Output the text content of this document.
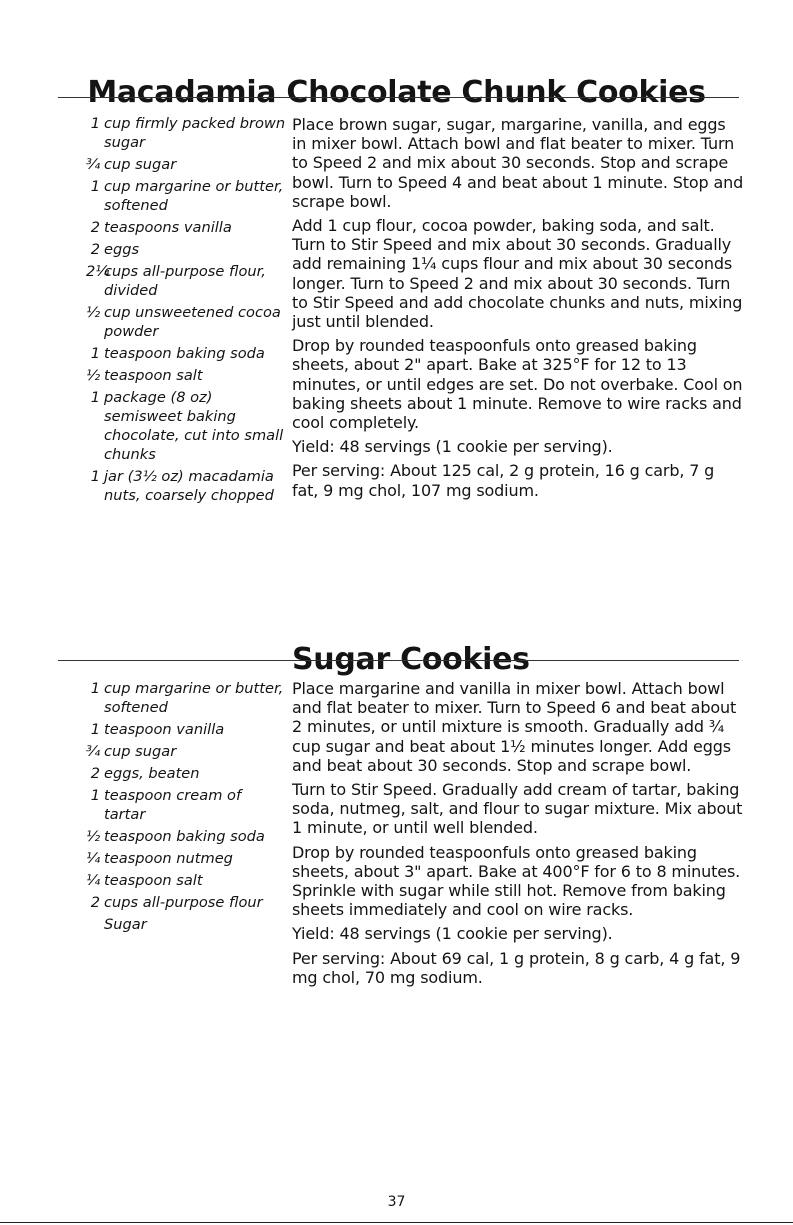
Macadamia Chocolate Chunk Cookies
1 cup firmly packed brown sugar
¾ cup sugar
1 cup margarine or butter, softened
2 teaspoons vanilla
2 eggs
2¼
cups all-purpose flour, divided
½ cup unsweetened cocoa powder
1 teaspoon baking soda
½ teaspoon salt
1 package (8 oz) semisweet baking chocolate, cut into small chunks
1 jar (3½ oz) macadamia nuts, coarsely chopped

Place brown sugar, sugar, margarine, vanilla, and eggs in mixer bowl. Attach bowl and flat beater to mixer. Turn to Speed 2 and mix about 30 seconds. Stop and scrape bowl. Turn to Speed 4 and beat about 1 minute. Stop and scrape bowl.

Add 1 cup flour, cocoa powder, baking soda, and salt. Turn to Stir Speed and mix about 30 seconds. Gradually add remaining 1¼ cups flour and mix about 30 seconds longer. Turn to Speed 2 and mix about 30 seconds. Turn to Stir Speed and add chocolate chunks and nuts, mixing just until blended.

Drop by rounded teaspoonfuls onto greased baking sheets, about 2" apart. Bake at 325°F for 12 to 13 minutes, or until edges are set. Do not overbake. Cool on baking sheets about 1 minute. Remove to wire racks and cool completely.

Yield: 48 servings (1 cookie per serving).

Per serving: About 125 cal, 2 g protein, 16 g carb, 7 g fat, 9 mg chol, 107 mg sodium.

Sugar Cookies
1 cup margarine or butter, softened
1 teaspoon vanilla
¾ cup sugar
2 eggs, beaten
1 teaspoon cream of tartar
½ teaspoon baking soda
¼ teaspoon nutmeg
¼ teaspoon salt
2 cups all-purpose flour
Sugar

Place margarine and vanilla in mixer bowl. Attach bowl and flat beater to mixer. Turn to Speed 6 and beat about 2 minutes, or until mixture is smooth. Gradually add ¾ cup sugar and beat about 1½ minutes longer. Add eggs and beat about 30 seconds. Stop and scrape bowl.

Turn to Stir Speed. Gradually add cream of tartar, baking soda, nutmeg, salt, and flour to sugar mixture. Mix about 1 minute, or until well blended.

Drop by rounded teaspoonfuls onto greased baking sheets, about 3" apart. Bake at 400°F for 6 to 8 minutes. Sprinkle with sugar while still hot. Remove from baking sheets immediately and cool on wire racks.

Yield: 48 servings (1 cookie per serving).

Per serving: About 69 cal, 1 g protein, 8 g carb, 4 g fat, 9 mg chol, 70 mg sodium.

37
